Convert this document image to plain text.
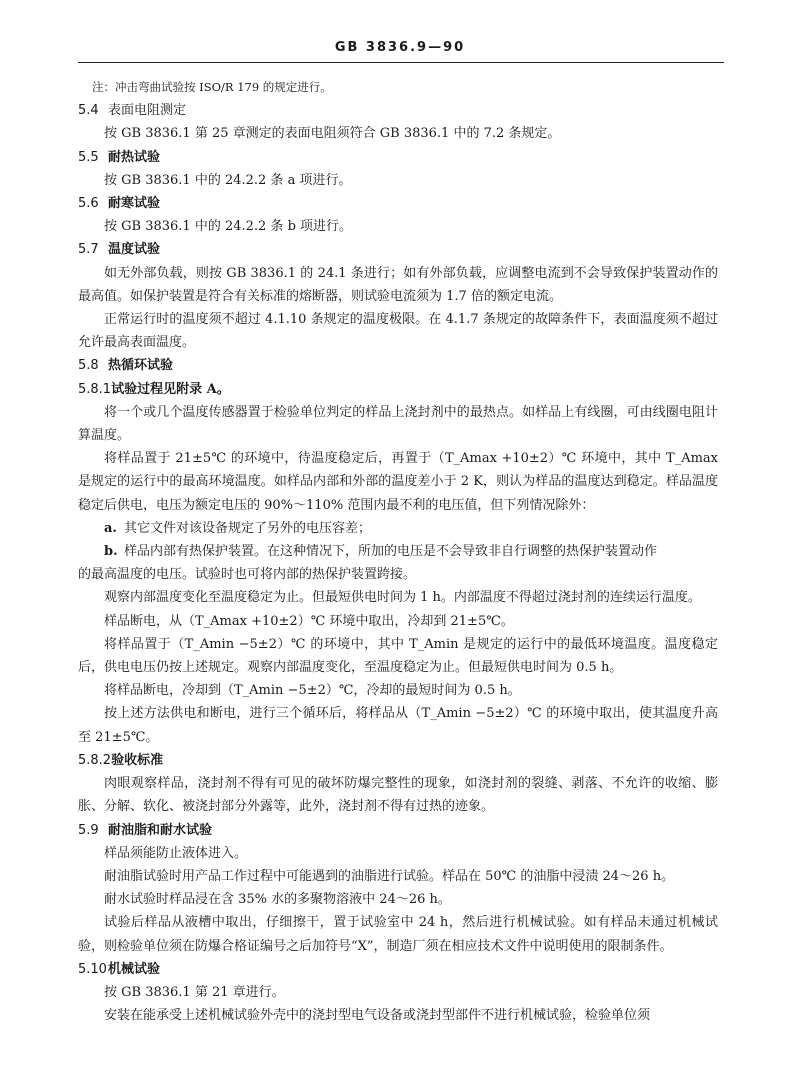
GB 3836.9—90

注：冲击弯曲试验按 ISO/R 179 的规定进行。

5.4 表面电阻测定

按 GB 3836.1 第 25 章测定的表面电阻须符合 GB 3836.1 中的 7.2 条规定。

5.5 耐热试验

按 GB 3836.1 中的 24.2.2 条 a 项进行。

5.6 耐寒试验

按 GB 3836.1 中的 24.2.2 条 b 项进行。

5.7 温度试验

如无外部负载，则按 GB 3836.1 的 24.1 条进行；如有外部负载，应调整电流到不会导致保护装置动作的最高值。如保护装置是符合有关标准的熔断器，则试验电流须为 1.7 倍的额定电流。

正常运行时的温度须不超过 4.1.10 条规定的温度极限。在 4.1.7 条规定的故障条件下，表面温度须不超过允许最高表面温度。

5.8 热循环试验

5.8.1试验过程见附录 A。

将一个或几个温度传感器置于检验单位判定的样品上浇封剂中的最热点。如样品上有线圈，可由线圈电阻计算温度。

将样品置于 21±5℃ 的环境中，待温度稳定后，再置于（T_Amax +10±2）℃ 环境中，其中 T_Amax 是规定的运行中的最高环境温度。如样品内部和外部的温度差小于 2 K，则认为样品的温度达到稳定。样品温度稳定后供电，电压为额定电压的 90%～110% 范围内最不利的电压值，但下列情况除外：

a. 其它文件对该设备规定了另外的电压容差；

b. 样品内部有热保护装置。在这种情况下，所加的电压是不会导致非自行调整的热保护装置动作

的最高温度的电压。试验时也可将内部的热保护装置跨接。

观察内部温度变化至温度稳定为止。但最短供电时间为 1 h。内部温度不得超过浇封剂的连续运行温度。

样品断电，从（T_Amax +10±2）℃ 环境中取出，冷却到 21±5℃。

将样品置于（T_Amin −5±2）℃ 的环境中，其中 T_Amin 是规定的运行中的最低环境温度。温度稳定后，供电电压仍按上述规定。观察内部温度变化，至温度稳定为止。但最短供电时间为 0.5 h。

将样品断电，冷却到（T_Amin −5±2）℃，冷却的最短时间为 0.5 h。

按上述方法供电和断电，进行三个循环后，将样品从（T_Amin −5±2）℃ 的环境中取出，使其温度升高至 21±5℃。

5.8.2验收标准

肉眼观察样品，浇封剂不得有可见的破坏防爆完整性的现象，如浇封剂的裂缝、剥落、不允许的收缩、膨胀、分解、软化、被浇封部分外露等，此外，浇封剂不得有过热的迹象。

5.9 耐油脂和耐水试验

样品须能防止液体进入。

耐油脂试验时用产品工作过程中可能遇到的油脂进行试验。样品在 50℃ 的油脂中浸渍 24～26 h。

耐水试验时样品浸在含 35% 水的多聚物溶液中 24～26 h。

试验后样品从液槽中取出，仔细擦干，置于试验室中 24 h，然后进行机械试验。如有样品未通过机械试验，则检验单位须在防爆合格证编号之后加符号“X”，制造厂须在相应技术文件中说明使用的限制条件。

5.10机械试验

按 GB 3836.1 第 21 章进行。

安装在能承受上述机械试验外壳中的浇封型电气设备或浇封型部件不进行机械试验，检验单位须
